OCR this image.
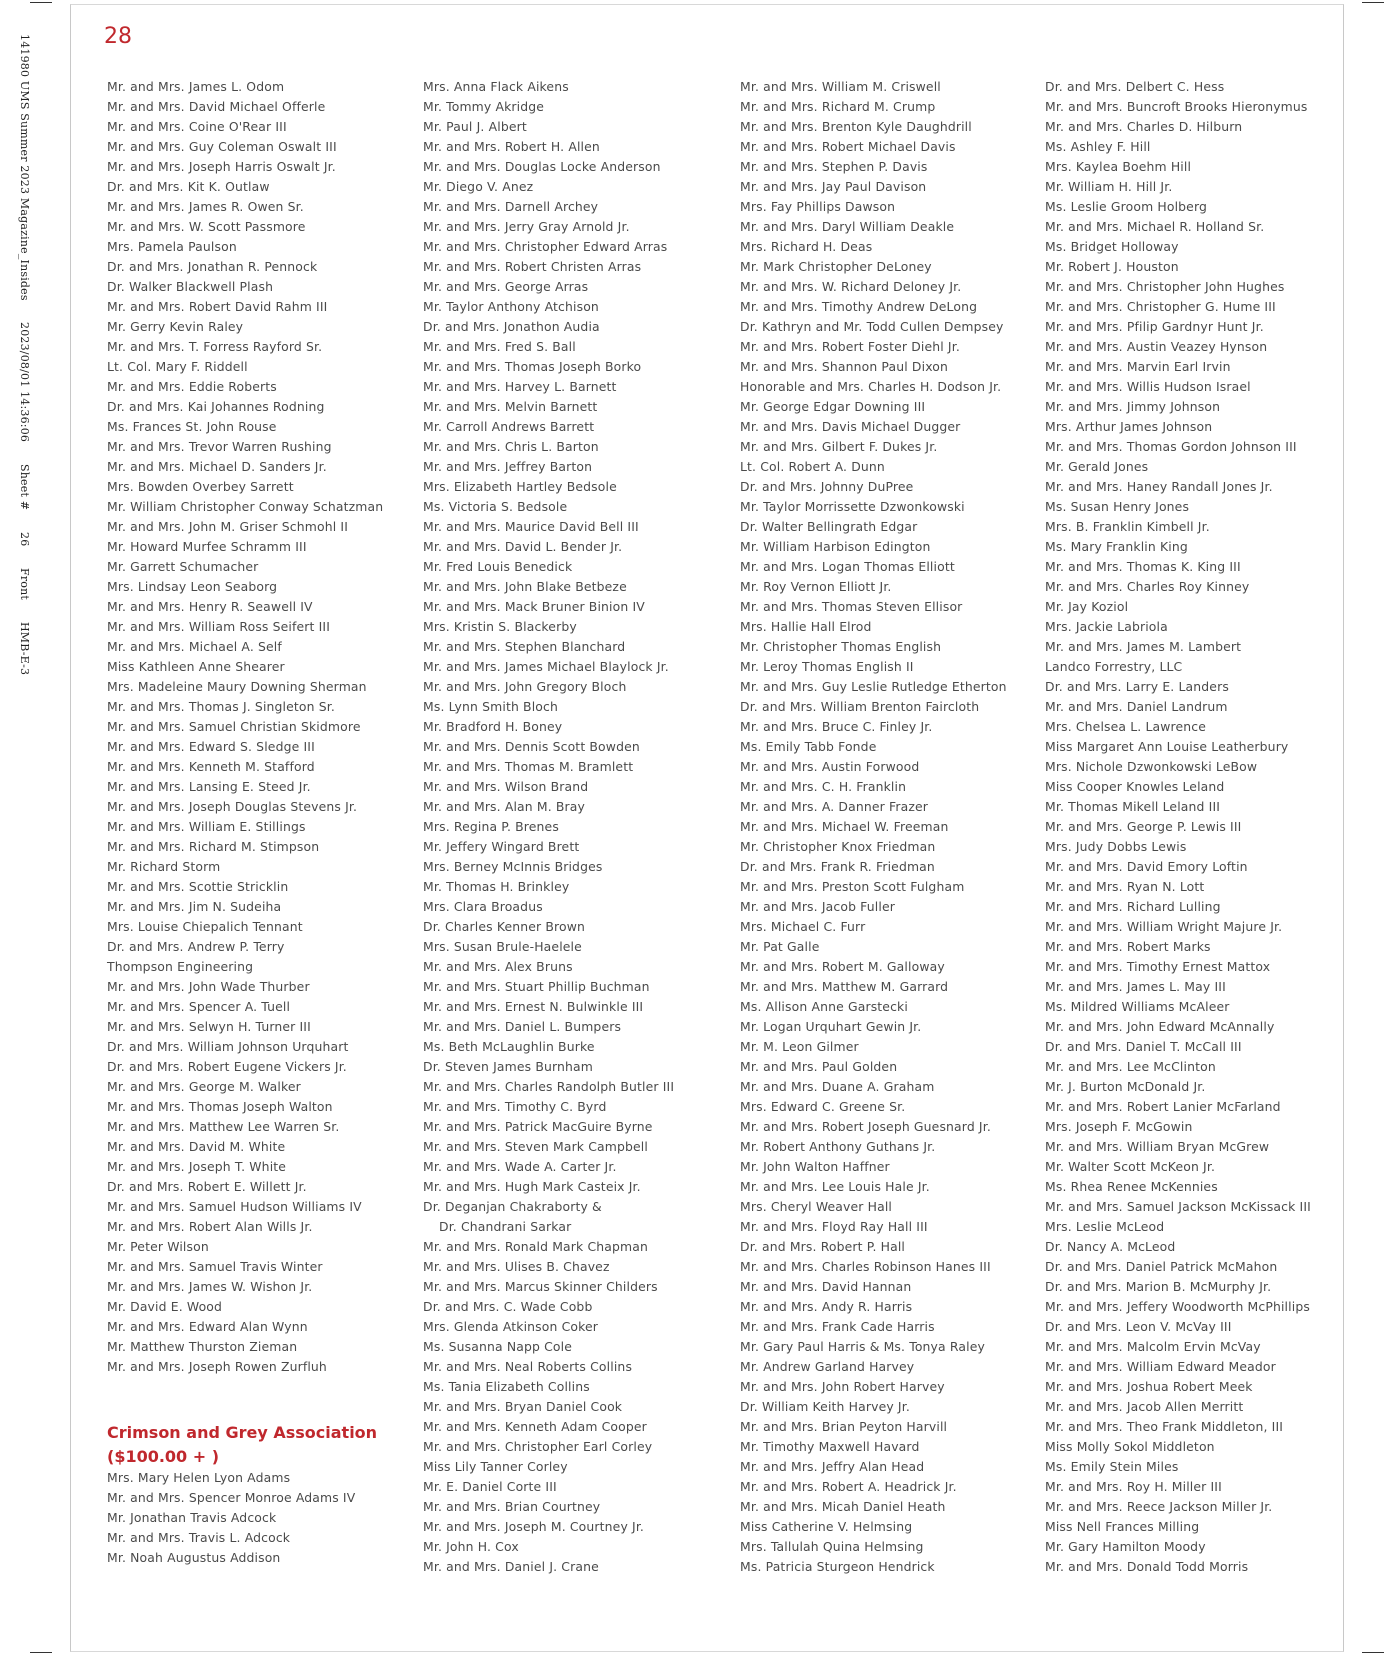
141980 UMS Summer 2023 Magazine_Insides 2023/08/01 14:36:06 Sheet # 26 Front HMB-E-3
28
Mr. and Mrs. James L. Odom
Mr. and Mrs. David Michael Offerle
Mr. and Mrs. Coine O'Rear III
Mr. and Mrs. Guy Coleman Oswalt III
Mr. and Mrs. Joseph Harris Oswalt Jr.
Dr. and Mrs. Kit K. Outlaw
Mr. and Mrs. James R. Owen Sr.
Mr. and Mrs. W. Scott Passmore
Mrs. Pamela Paulson
Dr. and Mrs. Jonathan R. Pennock
Dr. Walker Blackwell Plash
Mr. and Mrs. Robert David Rahm III
Mr. Gerry Kevin Raley
Mr. and Mrs. T. Forress Rayford Sr.
Lt. Col. Mary F. Riddell
Mr. and Mrs. Eddie Roberts
Dr. and Mrs. Kai Johannes Rodning
Ms. Frances St. John Rouse
Mr. and Mrs. Trevor Warren Rushing
Mr. and Mrs. Michael D. Sanders Jr.
Mrs. Bowden Overbey Sarrett
Mr. William Christopher Conway Schatzman
Mr. and Mrs. John M. Griser Schmohl II
Mr. Howard Murfee Schramm III
Mr. Garrett Schumacher
Mrs. Lindsay Leon Seaborg
Mr. and Mrs. Henry R. Seawell IV
Mr. and Mrs. William Ross Seifert III
Mr. and Mrs. Michael A. Self
Miss Kathleen Anne Shearer
Mrs. Madeleine Maury Downing Sherman
Mr. and Mrs. Thomas J. Singleton Sr.
Mr. and Mrs. Samuel Christian Skidmore
Mr. and Mrs. Edward S. Sledge III
Mr. and Mrs. Kenneth M. Stafford
Mr. and Mrs. Lansing E. Steed Jr.
Mr. and Mrs. Joseph Douglas Stevens Jr.
Mr. and Mrs. William E. Stillings
Mr. and Mrs. Richard M. Stimpson
Mr. Richard Storm
Mr. and Mrs. Scottie Stricklin
Mr. and Mrs. Jim N. Sudeiha
Mrs. Louise Chiepalich Tennant
Dr. and Mrs. Andrew P. Terry
Thompson Engineering
Mr. and Mrs. John Wade Thurber
Mr. and Mrs. Spencer A. Tuell
Mr. and Mrs. Selwyn H. Turner III
Dr. and Mrs. William Johnson Urquhart
Dr. and Mrs. Robert Eugene Vickers Jr.
Mr. and Mrs. George M. Walker
Mr. and Mrs. Thomas Joseph Walton
Mr. and Mrs. Matthew Lee Warren Sr.
Mr. and Mrs. David M. White
Mr. and Mrs. Joseph T. White
Dr. and Mrs. Robert E. Willett Jr.
Mr. and Mrs. Samuel Hudson Williams IV
Mr. and Mrs. Robert Alan Wills Jr.
Mr. Peter Wilson
Mr. and Mrs. Samuel Travis Winter
Mr. and Mrs. James W. Wishon Jr.
Mr. David E. Wood
Mr. and Mrs. Edward Alan Wynn
Mr. Matthew Thurston Zieman
Mr. and Mrs. Joseph Rowen Zurfluh
Mrs. Anna Flack Aikens
Mr. Tommy Akridge
Mr. Paul J. Albert
Mr. and Mrs. Robert H. Allen
Mr. and Mrs. Douglas Locke Anderson
Mr. Diego V. Anez
Mr. and Mrs. Darnell Archey
Mr. and Mrs. Jerry Gray Arnold Jr.
Mr. and Mrs. Christopher Edward Arras
Mr. and Mrs. Robert Christen Arras
Mr. and Mrs. George Arras
Mr. Taylor Anthony Atchison
Dr. and Mrs. Jonathon Audia
Mr. and Mrs. Fred S. Ball
Mr. and Mrs. Thomas Joseph Borko
Mr. and Mrs. Harvey L. Barnett
Mr. and Mrs. Melvin Barnett
Mr. Carroll Andrews Barrett
Mr. and Mrs. Chris L. Barton
Mr. and Mrs. Jeffrey Barton
Mrs. Elizabeth Hartley Bedsole
Ms. Victoria S. Bedsole
Mr. and Mrs. Maurice David Bell III
Mr. and Mrs. David L. Bender Jr.
Mr. Fred Louis Benedick
Mr. and Mrs. John Blake Betbeze
Mr. and Mrs. Mack Bruner Binion IV
Mrs. Kristin S. Blackerby
Mr. and Mrs. Stephen Blanchard
Mr. and Mrs. James Michael Blaylock Jr.
Mr. and Mrs. John Gregory Bloch
Ms. Lynn Smith Bloch
Mr. Bradford H. Boney
Mr. and Mrs. Dennis Scott Bowden
Mr. and Mrs. Thomas M. Bramlett
Mr. and Mrs. Wilson Brand
Mr. and Mrs. Alan M. Bray
Mrs. Regina P. Brenes
Mr. Jeffery Wingard Brett
Mrs. Berney McInnis Bridges
Mr. Thomas H. Brinkley
Mrs. Clara Broadus
Dr. Charles Kenner Brown
Mrs. Susan Brule-Haelele
Mr. and Mrs. Alex Bruns
Mr. and Mrs. Stuart Phillip Buchman
Mr. and Mrs. Ernest N. Bulwinkle III
Mr. and Mrs. Daniel L. Bumpers
Ms. Beth McLaughlin Burke
Dr. Steven James Burnham
Mr. and Mrs. Charles Randolph Butler III
Mr. and Mrs. Timothy C. Byrd
Mr. and Mrs. Patrick MacGuire Byrne
Mr. and Mrs. Steven Mark Campbell
Mr. and Mrs. Wade A. Carter Jr.
Mr. and Mrs. Hugh Mark Casteix Jr.
Dr. Deganjan Chakraborty &
Dr. Chandrani Sarkar
Mr. and Mrs. Ronald Mark Chapman
Mr. and Mrs. Ulises B. Chavez
Mr. and Mrs. Marcus Skinner Childers
Dr. and Mrs. C. Wade Cobb
Mrs. Glenda Atkinson Coker
Ms. Susanna Napp Cole
Mr. and Mrs. Neal Roberts Collins
Ms. Tania Elizabeth Collins
Mr. and Mrs. Bryan Daniel Cook
Mr. and Mrs. Kenneth Adam Cooper
Mr. and Mrs. Christopher Earl Corley
Miss Lily Tanner Corley
Mr. E. Daniel Corte III
Mr. and Mrs. Brian Courtney
Mr. and Mrs. Joseph M. Courtney Jr.
Mr. John H. Cox
Mr. and Mrs. Daniel J. Crane
Mr. and Mrs. William M. Criswell
Mr. and Mrs. Richard M. Crump
Mr. and Mrs. Brenton Kyle Daughdrill
Mr. and Mrs. Robert Michael Davis
Mr. and Mrs. Stephen P. Davis
Mr. and Mrs. Jay Paul Davison
Mrs. Fay Phillips Dawson
Mr. and Mrs. Daryl William Deakle
Mrs. Richard H. Deas
Mr. Mark Christopher DeLoney
Mr. and Mrs. W. Richard Deloney Jr.
Mr. and Mrs. Timothy Andrew DeLong
Dr. Kathryn and Mr. Todd Cullen Dempsey
Mr. and Mrs. Robert Foster Diehl Jr.
Mr. and Mrs. Shannon Paul Dixon
Honorable and Mrs. Charles H. Dodson Jr.
Mr. George Edgar Downing III
Mr. and Mrs. Davis Michael Dugger
Mr. and Mrs. Gilbert F. Dukes Jr.
Lt. Col. Robert A. Dunn
Dr. and Mrs. Johnny DuPree
Mr. Taylor Morrissette Dzwonkowski
Dr. Walter Bellingrath Edgar
Mr. William Harbison Edington
Mr. and Mrs. Logan Thomas Elliott
Mr. Roy Vernon Elliott Jr.
Mr. and Mrs. Thomas Steven Ellisor
Mrs. Hallie Hall Elrod
Mr. Christopher Thomas English
Mr. Leroy Thomas English II
Mr. and Mrs. Guy Leslie Rutledge Etherton
Dr. and Mrs. William Brenton Faircloth
Mr. and Mrs. Bruce C. Finley Jr.
Ms. Emily Tabb Fonde
Mr. and Mrs. Austin Forwood
Mr. and Mrs. C. H. Franklin
Mr. and Mrs. A. Danner Frazer
Mr. and Mrs. Michael W. Freeman
Mr. Christopher Knox Friedman
Dr. and Mrs. Frank R. Friedman
Mr. and Mrs. Preston Scott Fulgham
Mr. and Mrs. Jacob Fuller
Mrs. Michael C. Furr
Mr. Pat Galle
Mr. and Mrs. Robert M. Galloway
Mr. and Mrs. Matthew M. Garrard
Ms. Allison Anne Garstecki
Mr. Logan Urquhart Gewin Jr.
Mr. M. Leon Gilmer
Mr. and Mrs. Paul Golden
Mr. and Mrs. Duane A. Graham
Mrs. Edward C. Greene Sr.
Mr. and Mrs. Robert Joseph Guesnard Jr.
Mr. Robert Anthony Guthans Jr.
Mr. John Walton Haffner
Mr. and Mrs. Lee Louis Hale Jr.
Mrs. Cheryl Weaver Hall
Mr. and Mrs. Floyd Ray Hall III
Dr. and Mrs. Robert P. Hall
Mr. and Mrs. Charles Robinson Hanes III
Mr. and Mrs. David Hannan
Mr. and Mrs. Andy R. Harris
Mr. and Mrs. Frank Cade Harris
Mr. Gary Paul Harris & Ms. Tonya Raley
Mr. Andrew Garland Harvey
Mr. and Mrs. John Robert Harvey
Dr. William Keith Harvey Jr.
Mr. and Mrs. Brian Peyton Harvill
Mr. Timothy Maxwell Havard
Mr. and Mrs. Jeffry Alan Head
Mr. and Mrs. Robert A. Headrick Jr.
Mr. and Mrs. Micah Daniel Heath
Miss Catherine V. Helmsing
Mrs. Tallulah Quina Helmsing
Ms. Patricia Sturgeon Hendrick
Dr. and Mrs. Delbert C. Hess
Mr. and Mrs. Buncroft Brooks Hieronymus
Mr. and Mrs. Charles D. Hilburn
Ms. Ashley F. Hill
Mrs. Kaylea Boehm Hill
Mr. William H. Hill Jr.
Ms. Leslie Groom Holberg
Mr. and Mrs. Michael R. Holland Sr.
Ms. Bridget Holloway
Mr. Robert J. Houston
Mr. and Mrs. Christopher John Hughes
Mr. and Mrs. Christopher G. Hume III
Mr. and Mrs. Pfilip Gardnyr Hunt Jr.
Mr. and Mrs. Austin Veazey Hynson
Mr. and Mrs. Marvin Earl Irvin
Mr. and Mrs. Willis Hudson Israel
Mr. and Mrs. Jimmy Johnson
Mrs. Arthur James Johnson
Mr. and Mrs. Thomas Gordon Johnson III
Mr. Gerald Jones
Mr. and Mrs. Haney Randall Jones Jr.
Ms. Susan Henry Jones
Mrs. B. Franklin Kimbell Jr.
Ms. Mary Franklin King
Mr. and Mrs. Thomas K. King III
Mr. and Mrs. Charles Roy Kinney
Mr. Jay Koziol
Mrs. Jackie Labriola
Mr. and Mrs. James M. Lambert
Landco Forrestry, LLC
Dr. and Mrs. Larry E. Landers
Mr. and Mrs. Daniel Landrum
Mrs. Chelsea L. Lawrence
Miss Margaret Ann Louise Leatherbury
Mrs. Nichole Dzwonkowski LeBow
Miss Cooper Knowles Leland
Mr. Thomas Mikell Leland III
Mr. and Mrs. George P. Lewis III
Mrs. Judy Dobbs Lewis
Mr. and Mrs. David Emory Loftin
Mr. and Mrs. Ryan N. Lott
Mr. and Mrs. Richard Lulling
Mr. and Mrs. William Wright Majure Jr.
Mr. and Mrs. Robert Marks
Mr. and Mrs. Timothy Ernest Mattox
Mr. and Mrs. James L. May III
Ms. Mildred Williams McAleer
Mr. and Mrs. John Edward McAnnally
Dr. and Mrs. Daniel T. McCall III
Mr. and Mrs. Lee McClinton
Mr. J. Burton McDonald Jr.
Mr. and Mrs. Robert Lanier McFarland
Mrs. Joseph F. McGowin
Mr. and Mrs. William Bryan McGrew
Mr. Walter Scott McKeon Jr.
Ms. Rhea Renee McKennies
Mr. and Mrs. Samuel Jackson McKissack III
Mrs. Leslie McLeod
Dr. Nancy A. McLeod
Dr. and Mrs. Daniel Patrick McMahon
Dr. and Mrs. Marion B. McMurphy Jr.
Mr. and Mrs. Jeffery Woodworth McPhillips
Dr. and Mrs. Leon V. McVay III
Mr. and Mrs. Malcolm Ervin McVay
Mr. and Mrs. William Edward Meador
Mr. and Mrs. Joshua Robert Meek
Mr. and Mrs. Jacob Allen Merritt
Mr. and Mrs. Theo Frank Middleton, III
Miss Molly Sokol Middleton
Ms. Emily Stein Miles
Mr. and Mrs. Roy H. Miller III
Mr. and Mrs. Reece Jackson Miller Jr.
Miss Nell Frances Milling
Mr. Gary Hamilton Moody
Mr. and Mrs. Donald Todd Morris
Crimson and Grey Association
($100.00 + )
Mrs. Mary Helen Lyon Adams
Mr. and Mrs. Spencer Monroe Adams IV
Mr. Jonathan Travis Adcock
Mr. and Mrs. Travis L. Adcock
Mr. Noah Augustus Addison
